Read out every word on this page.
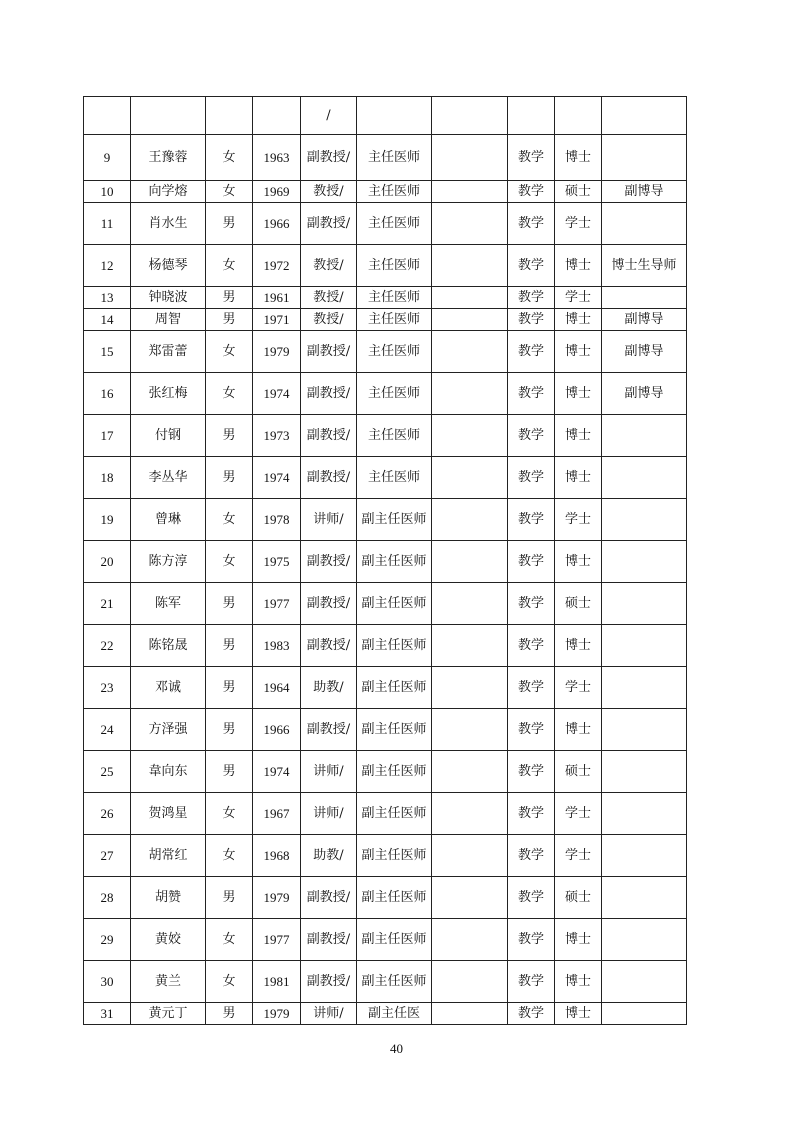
				/					
9	王豫蓉	女	1963	副教授/	主任医师		教学	博士	
10	向学熔	女	1969	教授/	主任医师		教学	硕士	副博导
11	肖水生	男	1966	副教授/	主任医师		教学	学士	
12	杨德琴	女	1972	教授/	主任医师		教学	博士	博士生导师
13	钟晓波	男	1961	教授/	主任医师		教学	学士	
14	周智	男	1971	教授/	主任医师		教学	博士	副博导
15	郑雷蕾	女	1979	副教授/	主任医师		教学	博士	副博导
16	张红梅	女	1974	副教授/	主任医师		教学	博士	副博导
17	付钢	男	1973	副教授/	主任医师		教学	博士	
18	李丛华	男	1974	副教授/	主任医师		教学	博士	
19	曾琳	女	1978	讲师/	副主任医师		教学	学士	
20	陈方淳	女	1975	副教授/	副主任医师		教学	博士	
21	陈军	男	1977	副教授/	副主任医师		教学	硕士	
22	陈铭晟	男	1983	副教授/	副主任医师		教学	博士	
23	邓诚	男	1964	助教/	副主任医师		教学	学士	
24	方泽强	男	1966	副教授/	副主任医师		教学	博士	
25	韋向东	男	1974	讲师/	副主任医师		教学	硕士	
26	贺鸿星	女	1967	讲师/	副主任医师		教学	学士	
27	胡常红	女	1968	助教/	副主任医师		教学	学士	
28	胡赞	男	1979	副教授/	副主任医师		教学	硕士	
29	黄姣	女	1977	副教授/	副主任医师		教学	博士	
30	黄兰	女	1981	副教授/	副主任医师		教学	博士	
31	黄元丁	男	1979	讲师/	副主任医		教学	博士	
40
